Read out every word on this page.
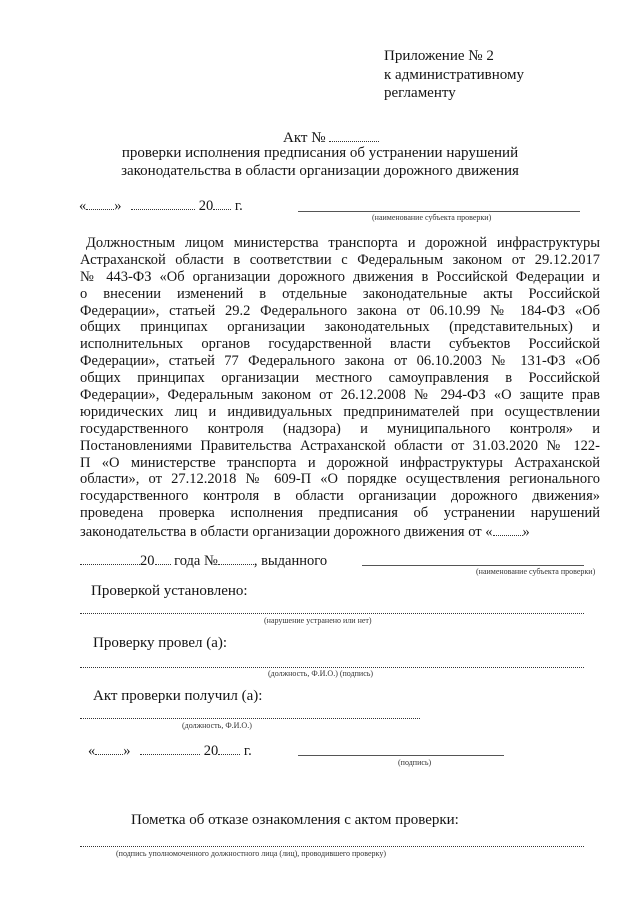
Приложение № 2
к административному
регламенту
Акт №
проверки исполнения предписания об устранении нарушений
законодательства в области организации дорожного движения
« »	20 г.
(наименование субъекта проверки)
Должностным лицом министерства транспорта и дорожной инфраструктуры
Астраханской области в соответствии с Федеральным законом от 29.12.2017
№ 443-ФЗ «Об организации дорожного движения в Российской Федерации и
о внесении изменений в отдельные законодательные акты Российской
Федерации», статьей 29.2 Федерального закона от 06.10.99 № 184-ФЗ «Об
общих принципах организации законодательных (представительных) и
исполнительных органов государственной власти субъектов Российской
Федерации», статьей 77 Федерального закона от 06.10.2003 № 131-ФЗ «Об
общих принципах организации местного самоуправления в Российской
Федерации», Федеральным законом от 26.12.2008 № 294-ФЗ «О защите прав
юридических лиц и индивидуальных предпринимателей при осуществлении
государственного контроля (надзора) и муниципального контроля» и
Постановлениями Правительства Астраханской области от 31.03.2020 № 122-
П «О министерстве транспорта и дорожной инфраструктуры Астраханской
области», от 27.12.2018 № 609-П «О порядке осуществления регионального
государственного контроля в области организации дорожного движения»
проведена проверка исполнения предписания об устранении нарушений
законодательства в области организации дорожного движения от « »
20 года № , выданного
(наименование субъекта проверки)
Проверкой установлено:
(нарушение устранено или нет)
Проверку провел (а):
(должность, Ф.И.О.) (подпись)
Акт проверки получил (а):
(должность, Ф.И.О.)
« »	20 г.
(подпись)
Пометка об отказе ознакомления с актом проверки:
(подпись уполномоченного должностного лица (лиц), проводившего проверку)
